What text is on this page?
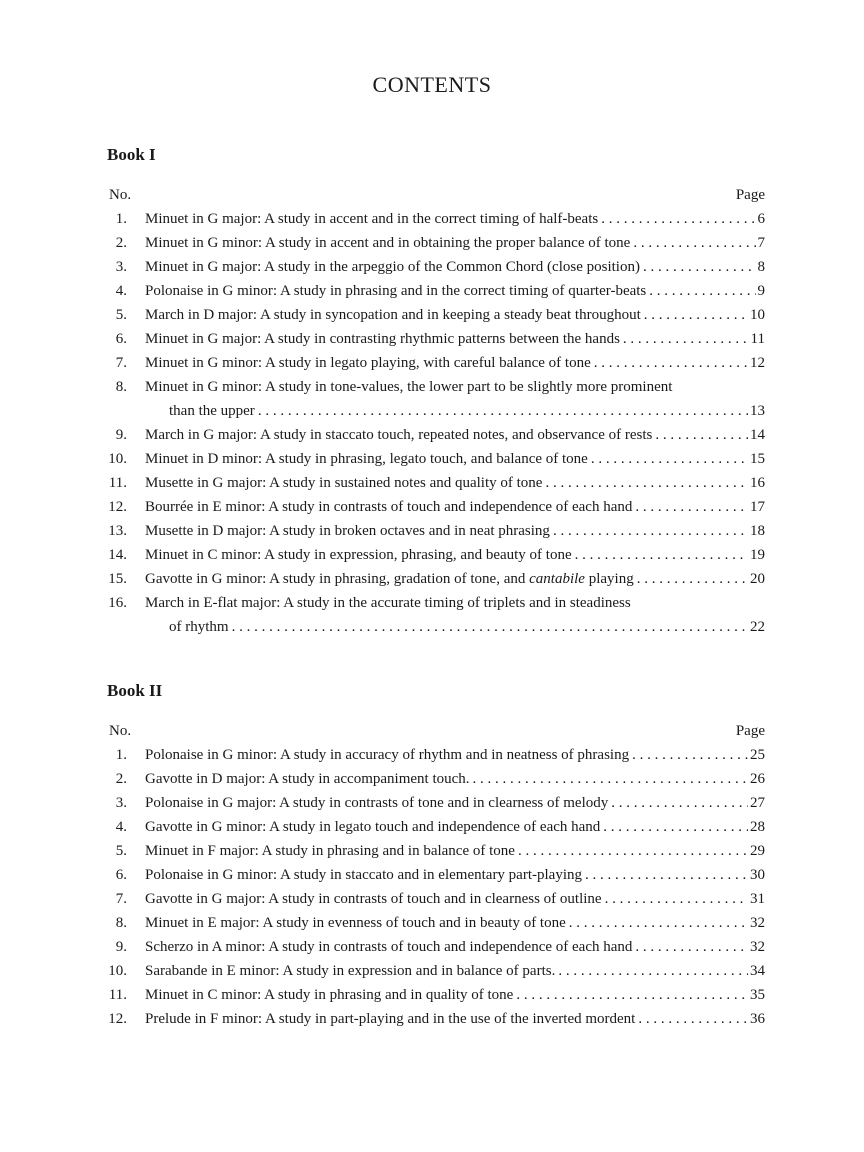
CONTENTS
Book I
No.	Page
1. Minuet in G major: A study in accent and in the correct timing of half-beats . . .	6
2. Minuet in G minor: A study in accent and in obtaining the proper balance of tone . . .	7
3. Minuet in G major: A study in the arpeggio of the Common Chord (close position) . . .	8
4. Polonaise in G minor: A study in phrasing and in the correct timing of quarter-beats . . .	9
5. March in D major: A study in syncopation and in keeping a steady beat throughout . . .	10
6. Minuet in G major: A study in contrasting rhythmic patterns between the hands . . .	11
7. Minuet in G minor: A study in legato playing, with careful balance of tone . . .	12
8. Minuet in G minor: A study in tone-values, the lower part to be slightly more prominent
than the upper . . .	13
9. March in G major: A study in staccato touch, repeated notes, and observance of rests . . .	14
10. Minuet in D minor: A study in phrasing, legato touch, and balance of tone . . .	15
11. Musette in G major: A study in sustained notes and quality of tone . . .	16
12. Bourrée in E minor: A study in contrasts of touch and independence of each hand . . .	17
13. Musette in D major: A study in broken octaves and in neat phrasing . . .	18
14. Minuet in C minor: A study in expression, phrasing, and beauty of tone . . .	19
15. Gavotte in G minor: A study in phrasing, gradation of tone, and cantabile playing . . .	20
16. March in E-flat major: A study in the accurate timing of triplets and in steadiness
of rhythm . . .	22
Book II
No.	Page
1. Polonaise in G minor: A study in accuracy of rhythm and in neatness of phrasing . . .	25
2. Gavotte in D major: A study in accompaniment touch. . . .	26
3. Polonaise in G major: A study in contrasts of tone and in clearness of melody . . .	27
4. Gavotte in G minor: A study in legato touch and independence of each hand . . .	28
5. Minuet in F major: A study in phrasing and in balance of tone . . .	29
6. Polonaise in G minor: A study in staccato and in elementary part-playing . . .	30
7. Gavotte in G major: A study in contrasts of touch and in clearness of outline . . .	31
8. Minuet in E major: A study in evenness of touch and in beauty of tone . . .	32
9. Scherzo in A minor: A study in contrasts of touch and independence of each hand . . .	32
10. Sarabande in E minor: A study in expression and in balance of parts. . . .	34
11. Minuet in C minor: A study in phrasing and in quality of tone . . .	35
12. Prelude in F minor: A study in part-playing and in the use of the inverted mordent . . .	36
